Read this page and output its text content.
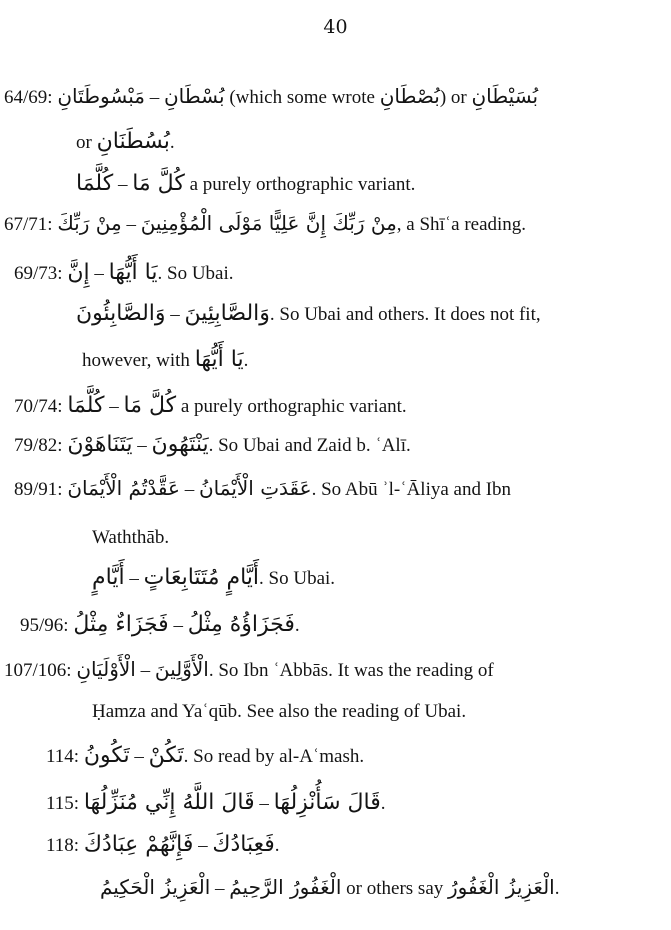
40
64/69: مَبْسُوطَتَانِ – بُسْطَانِ (which some wrote بُصْطَانِ) or بُسَيْطَانِ
or بُسُطَنَانِ.
كُلَّمَا – كُلَّ مَا a purely orthographic variant.
67/71: مِنْ رَبِّكَ – مِنْ رَبِّكَ إِنَّ عَلِيًّا مَوْلَى الْمُؤْمِنِينَ, a Shīʿa reading.
69/73: إِنَّ – يَا أَيُّهَا. So Ubai.
وَالصَّابِئُونَ – وَالصَّابِئِينَ. So Ubai and others. It does not fit,
however, with يَا أَيُّهَا.
70/74: كُلَّمَا – كُلَّ مَا a purely orthographic variant.
79/82: يَتَنَاهَوْنَ – يَنْتَهُونَ. So Ubai and Zaid b. ʿAlī.
89/91: عَقَّدْتُمُ الْأَيْمَانَ – عَقَدَتِ الْأَيْمَانُ. So Abū ʾl-ʿĀliya and Ibn
Waththāb.
أَيَّامٍ – أَيَّامٍ مُتَتَابِعَاتٍ. So Ubai.
95/96: فَجَزَاءٌ مِثْلُ – فَجَزَاؤُهُ مِثْلُ.
107/106: الْأَوْلَيَانِ – الْأَوَّلِينَ. So Ibn ʿAbbās. It was the reading of
Ḥamza and Yaʿqūb. See also the reading of Ubai.
114: تَكُونُ – تَكُنْ. So read by al-Aʿmash.
115: قَالَ اللَّهُ إِنِّي مُنَزِّلُهَا – قَالَ سَأُنْزِلُهَا.
118: فَإِنَّهُمْ عِبَادُكَ – فَعِبَادُكَ.
الْعَزِيزُ الْحَكِيمُ – الْغَفُورُ الرَّحِيمُ or others say الْعَزِيزُ الْغَفُورُ.
